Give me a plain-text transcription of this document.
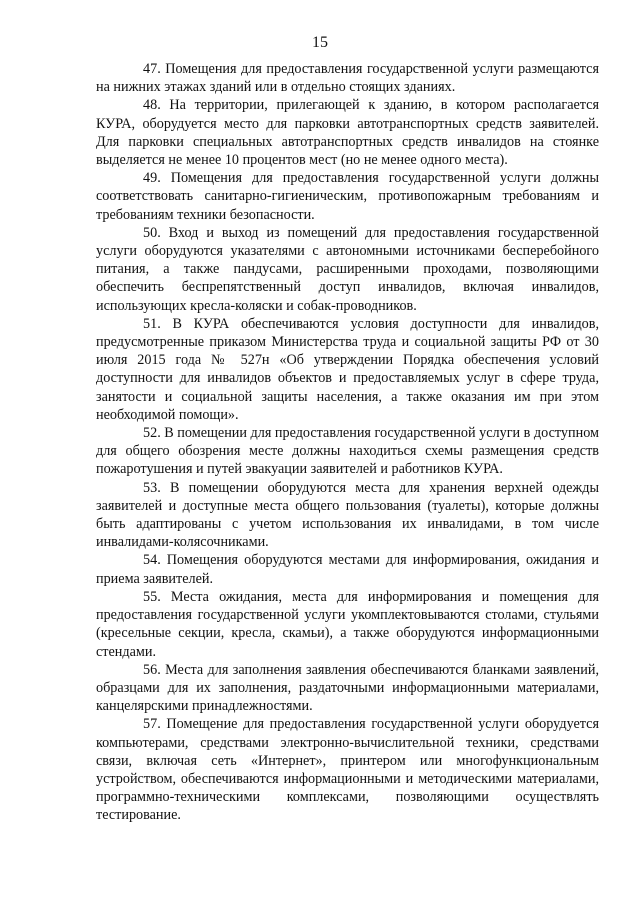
15

47. Помещения для предоставления государственной услуги размещаются на нижних этажах зданий или в отдельно стоящих зданиях.

48. На территории, прилегающей к зданию, в котором располагается КУРА, оборудуется место для парковки автотранспортных средств заявителей. Для парковки специальных автотранспортных средств инвалидов на стоянке выделяется не менее 10 процентов мест (но не менее одного места).

49. Помещения для предоставления государственной услуги должны соответствовать санитарно-гигиеническим, противопожарным требованиям и требованиям техники безопасности.

50. Вход и выход из помещений для предоставления государственной услуги оборудуются указателями с автономными источниками бесперебойного питания, а также пандусами, расширенными проходами, позволяющими обеспечить беспрепятственный доступ инвалидов, включая инвалидов, использующих кресла-коляски и собак-проводников.

51. В КУРА обеспечиваются условия доступности для инвалидов, предусмотренные приказом Министерства труда и социальной защиты РФ от 30 июля 2015 года № 527н «Об утверждении Порядка обеспечения условий доступности для инвалидов объектов и предоставляемых услуг в сфере труда, занятости и социальной защиты населения, а также оказания им при этом необходимой помощи».

52. В помещении для предоставления государственной услуги в доступном для общего обозрения месте должны находиться схемы размещения средств пожаротушения и путей эвакуации заявителей и работников КУРА.

53. В помещении оборудуются места для хранения верхней одежды заявителей и доступные места общего пользования (туалеты), которые должны быть адаптированы с учетом использования их инвалидами, в том числе инвалидами-колясочниками.

54. Помещения оборудуются местами для информирования, ожидания и приема заявителей.

55. Места ожидания, места для информирования и помещения для предоставления государственной услуги укомплектовываются столами, стульями (кресельные секции, кресла, скамьи), а также оборудуются информационными стендами.

56. Места для заполнения заявления обеспечиваются бланками заявлений, образцами для их заполнения, раздаточными информационными материалами, канцелярскими принадлежностями.

57. Помещение для предоставления государственной услуги оборудуется компьютерами, средствами электронно-вычислительной техники, средствами связи, включая сеть «Интернет», принтером или многофункциональным устройством, обеспечиваются информационными и методическими материалами, программно-техническими комплексами, позволяющими осуществлять тестирование.
